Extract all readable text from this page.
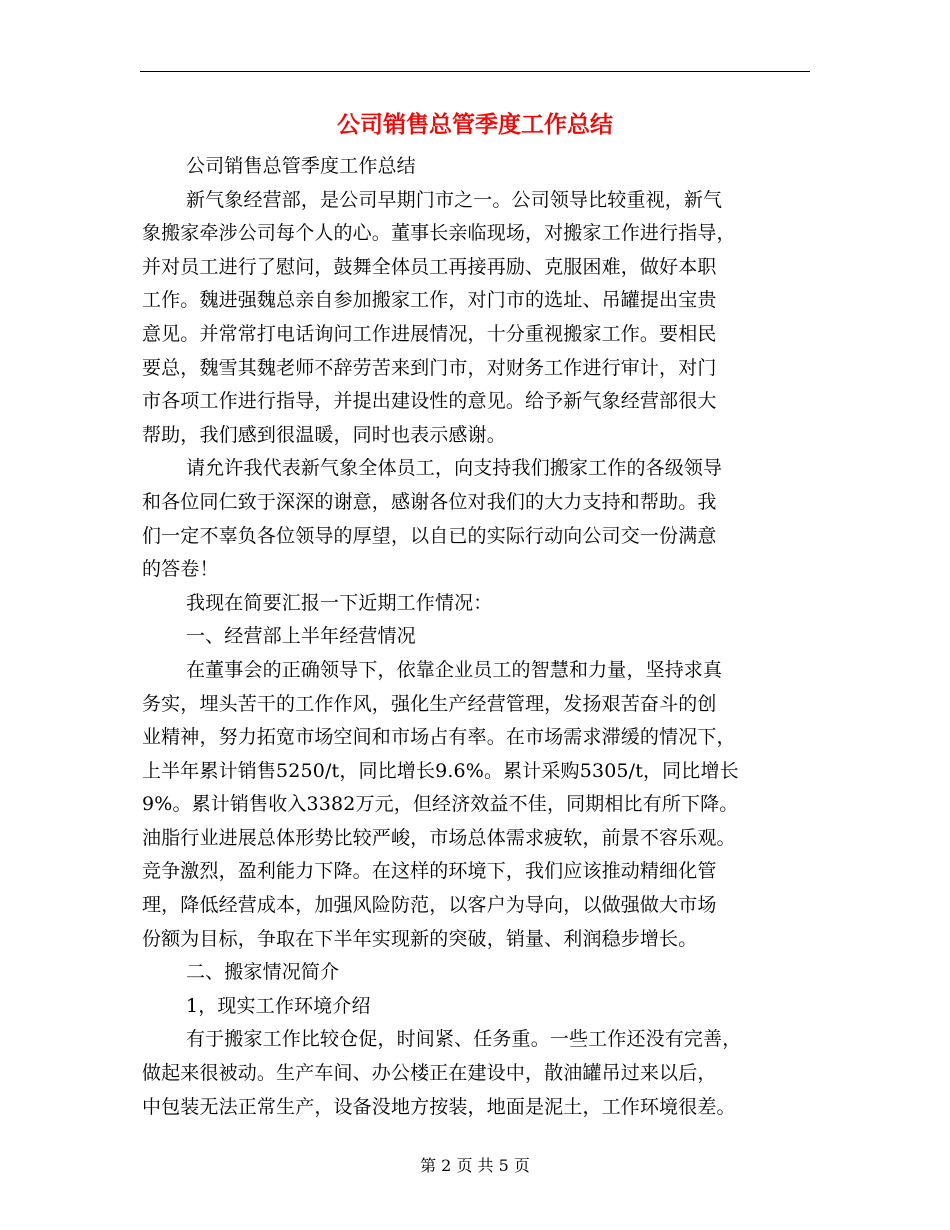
公司销售总管季度工作总结
公司销售总管季度工作总结
新气象经营部，是公司早期门市之一。公司领导比较重视，新气
象搬家牵涉公司每个人的心。董事长亲临现场，对搬家工作进行指导，
并对员工进行了慰问，鼓舞全体员工再接再励、克服困难，做好本职
工作。魏进强魏总亲自参加搬家工作，对门市的选址、吊罐提出宝贵
意见。并常常打电话询问工作进展情况，十分重视搬家工作。要相民
要总，魏雪其魏老师不辞劳苦来到门市，对财务工作进行审计，对门
市各项工作进行指导，并提出建设性的意见。给予新气象经营部很大
帮助，我们感到很温暖，同时也表示感谢。
请允许我代表新气象全体员工，向支持我们搬家工作的各级领导
和各位同仁致于深深的谢意，感谢各位对我们的大力支持和帮助。我
们一定不辜负各位领导的厚望，以自已的实际行动向公司交一份满意
的答卷！
我现在简要汇报一下近期工作情况：
一、经营部上半年经营情况
在董事会的正确领导下，依靠企业员工的智慧和力量，坚持求真
务实，埋头苦干的工作作风，强化生产经营管理，发扬艰苦奋斗的创
业精神，努力拓宽市场空间和市场占有率。在市场需求滞缓的情况下，
上半年累计销售5250/t，同比增长9.6%。累计采购5305/t，同比增长
9%。累计销售收入3382万元，但经济效益不佳，同期相比有所下降。
油脂行业进展总体形势比较严峻，市场总体需求疲软，前景不容乐观。
竞争激烈，盈利能力下降。在这样的环境下，我们应该推动精细化管
理，降低经营成本，加强风险防范，以客户为导向，以做强做大市场
份额为目标，争取在下半年实现新的突破，销量、利润稳步增长。
二、搬家情况简介
1，现实工作环境介绍
有于搬家工作比较仓促，时间紧、任务重。一些工作还没有完善，
做起来很被动。生产车间、办公楼正在建设中，散油罐吊过来以后，
中包装无法正常生产，设备没地方按装，地面是泥土，工作环境很差。
第 2 页 共 5 页
